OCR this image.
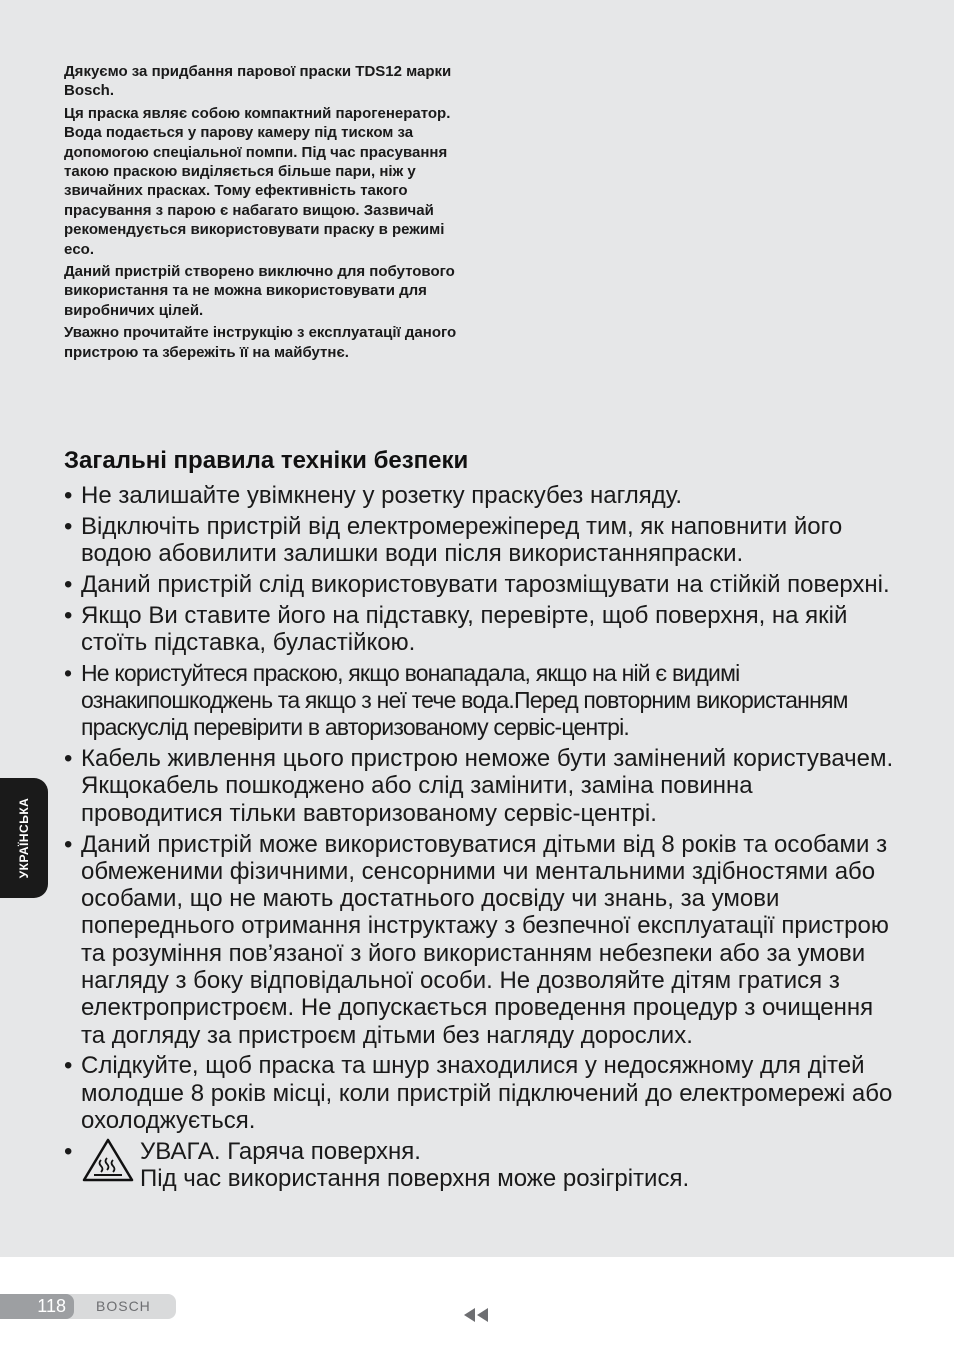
Дякуємо за придбання парової праски TDS12 марки Bosch.

Ця праска являє собою компактний парогенератор. Вода подається у парову камеру під тиском за допомогою спеціальної помпи. Під час прасування такою праскою виділяється більше пари, ніж у звичайних прасках. Тому ефективність такого прасування з парою є набагато вищою. Зазвичай рекомендується використовувати праску в режимі eco.

Даний пристрій створено виключно для побутового використання та не можна використовувати для виробничих цілей.

Уважно прочитайте інструкцію з експлуатації даного пристрою та збережіть її на майбутнє.

Загальні правила техніки безпеки
• Не залишайте увімкнену у розетку праскубез нагляду.
• Відключіть пристрій від електромережіперед тим, як наповнити його водою абовилити залишки води після використанняпраски.
• Даний пристрій слід використовувати тарозміщувати на стійкій поверхні.
• Якщо Ви ставите його на підставку, перевірте, щоб поверхня, на якій стоїть підставка, буластійкою.
• Не користуйтеся праскою, якщо вонападала, якщо на ній є видимі ознакипошкоджень та якщо з неї тече вода.Перед повторним використанням праскуслід перевірити в авторизованому сервіс-центрі.
• Кабель живлення цього пристрою неможе бути замінений користувачем. Якщокабель пошкоджено або слід замінити, заміна повинна проводитися тільки вавторизованому сервіс-центрі.
• Даний пристрій може використовуватися дітьми від 8 років та особами з обмеженими фізичними, сенсорними чи ментальними здібностями або особами, що не мають достатнього досвіду чи знань, за умови попереднього отримання інструктажу з безпечної експлуатації пристрою та розуміння пов’язаної з його використанням небезпеки або за умови нагляду з боку відповідальної особи. Не дозволяйте дітям гратися з електропристроєм. Не допускається проведення процедур з очищення та догляду за пристроєм дітьми без нагляду дорослих.
• Слідкуйте, щоб праска та шнур знаходилися у недосяжному для дітей молодше 8 років місці, коли пристрій підключений до електромережі або охолоджується.
•	УВАГА. Гаряча поверхня.
Під час використання поверхня може розігрітися.
УКРАЇНСЬКА
118	BOSCH
